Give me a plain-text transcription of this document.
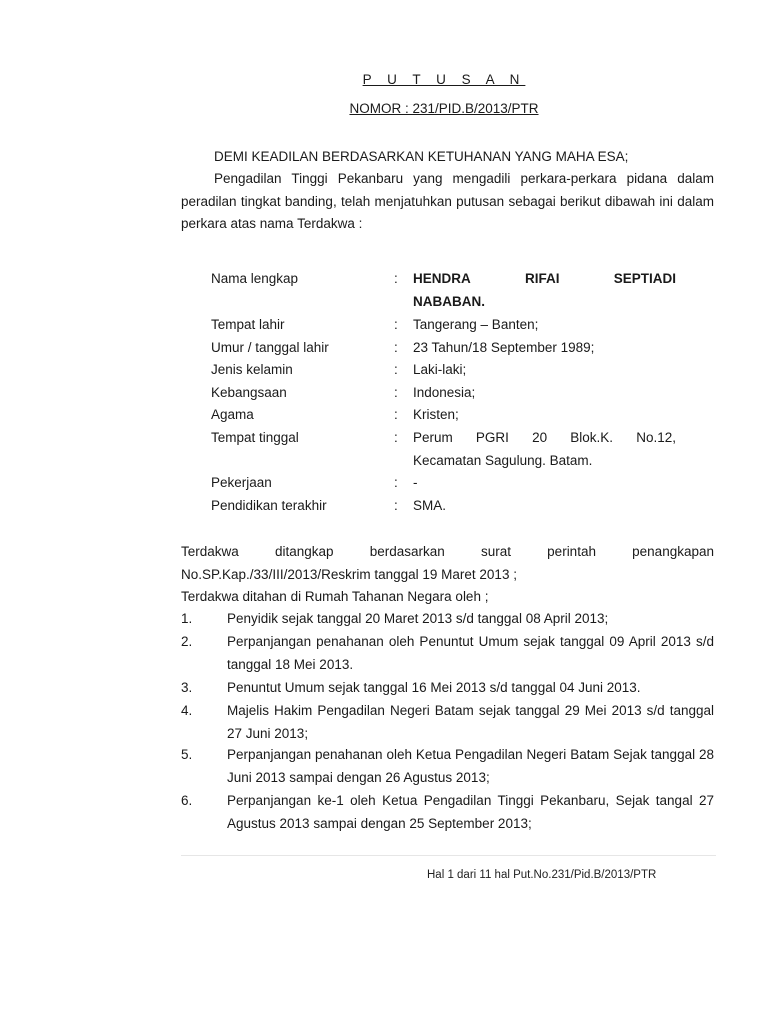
P U T U S A N
NOMOR : 231/PID.B/2013/PTR
DEMI KEADILAN BERDASARKAN KETUHANAN YANG MAHA ESA;
Pengadilan Tinggi Pekanbaru yang mengadili perkara-perkara pidana dalam peradilan tingkat banding, telah menjatuhkan putusan sebagai berikut dibawah ini dalam perkara atas nama Terdakwa :
Nama lengkap	: HENDRA	RIFAI	SEPTIADI
NABABAN.
Tempat lahir	: Tangerang – Banten;
Umur / tanggal lahir	: 23 Tahun/18 September 1989;
Jenis kelamin	: Laki-laki;
Kebangsaan	: Indonesia;
Agama	: Kristen;
Tempat tinggal	: Perum PGRI 20 Blok.K. No.12,
Kecamatan Sagulung. Batam.
Pekerjaan	: -
Pendidikan terakhir	: SMA.
Terdakwa ditangkap berdasarkan surat perintah penangkapan No.SP.Kap./33/III/2013/Reskrim tanggal 19 Maret 2013 ;
Terdakwa ditahan di Rumah Tahanan Negara oleh ;
1.	Penyidik sejak tanggal 20 Maret 2013 s/d tanggal 08 April 2013;
2.	Perpanjangan penahanan oleh Penuntut Umum sejak tanggal 09 April 2013 s/d tanggal 18 Mei 2013.
3.	Penuntut Umum sejak tanggal 16 Mei 2013 s/d tanggal 04 Juni 2013.
4.	Majelis Hakim Pengadilan Negeri Batam sejak tanggal 29 Mei 2013 s/d tanggal 27 Juni 2013;
5.	Perpanjangan penahanan oleh Ketua Pengadilan Negeri Batam Sejak tanggal 28 Juni 2013 sampai dengan 26 Agustus 2013;
6.	Perpanjangan ke-1 oleh Ketua Pengadilan Tinggi Pekanbaru, Sejak tangal 27 Agustus 2013 sampai dengan 25 September 2013;
Hal 1 dari 11 hal Put.No.231/Pid.B/2013/PTR
